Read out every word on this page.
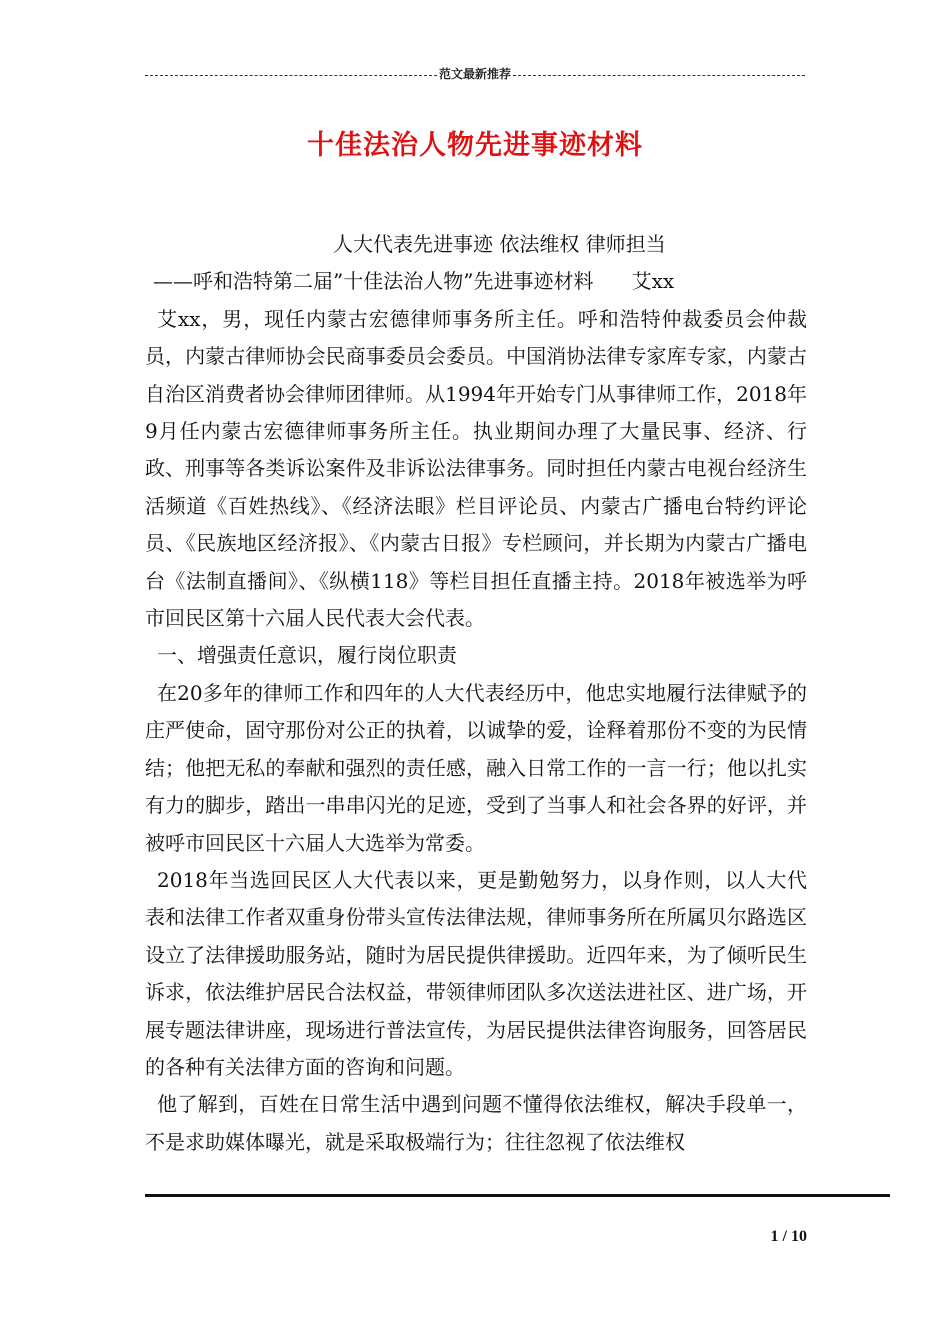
范文最新推荐
十佳法治人物先进事迹材料

人大代表先进事迹 依法维权 律师担当

——呼和浩特第二届”十佳法治人物”先进事迹材料      艾xx

艾xx，男，现任内蒙古宏德律师事务所主任。呼和浩特仲裁委员会仲裁员，内蒙古律师协会民商事委员会委员。中国消协法律专家库专家，内蒙古自治区消费者协会律师团律师。从1994年开始专门从事律师工作，2018年9月任内蒙古宏德律师事务所主任。执业期间办理了大量民事、经济、行政、刑事等各类诉讼案件及非诉讼法律事务。同时担任内蒙古电视台经济生活频道《百姓热线》、《经济法眼》栏目评论员、内蒙古广播电台特约评论员、《民族地区经济报》、《内蒙古日报》专栏顾问，并长期为内蒙古广播电台《法制直播间》、《纵横118》等栏目担任直播主持。2018年被选举为呼市回民区第十六届人民代表大会代表。

一、增强责任意识，履行岗位职责

在20多年的律师工作和四年的人大代表经历中，他忠实地履行法律赋予的庄严使命，固守那份对公正的执着，以诚挚的爱，诠释着那份不变的为民情结；他把无私的奉献和强烈的责任感，融入日常工作的一言一行；他以扎实有力的脚步，踏出一串串闪光的足迹，受到了当事人和社会各界的好评，并被呼市回民区十六届人大选举为常委。

2018年当选回民区人大代表以来，更是勤勉努力，以身作则，以人大代表和法律工作者双重身份带头宣传法律法规，律师事务所在所属贝尔路选区设立了法律援助服务站，随时为居民提供律援助。近四年来，为了倾听民生诉求，依法维护居民合法权益，带领律师团队多次送法进社区、进广场，开展专题法律讲座，现场进行普法宣传，为居民提供法律咨询服务，回答居民的各种有关法律方面的咨询和问题。

他了解到，百姓在日常生活中遇到问题不懂得依法维权，解决手段单一，不是求助媒体曝光，就是采取极端行为；往往忽视了依法维权

1 / 10
